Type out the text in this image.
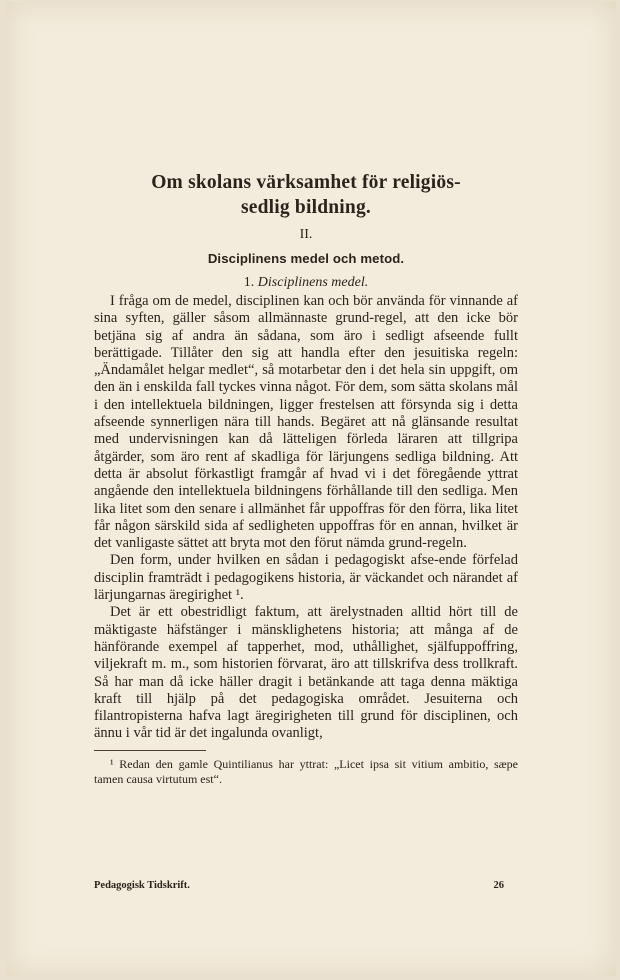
Om skolans värksamhet för religiös-
sedlig bildning.
II.
Disciplinens medel och metod.
1. Disciplinens medel.

I fråga om de medel, disciplinen kan och bör använda för vinnande af sina syften, gäller såsom allmännaste grund-regel, att den icke bör betjäna sig af andra än sådana, som äro i sedligt afseende fullt berättigade. Tillåter den sig att handla efter den jesuitiska regeln: „Ändamålet helgar medlet“, så motarbetar den i det hela sin uppgift, om den än i enskilda fall tyckes vinna något. För dem, som sätta skolans mål i den intellektuela bildningen, ligger frestelsen att försynda sig i detta afseende synnerligen nära till hands. Begäret att nå glänsande resultat med undervisningen kan då lätteligen förleda läraren att tillgripa åtgärder, som äro rent af skadliga för lärjungens sedliga bildning. Att detta är absolut förkastligt framgår af hvad vi i det föregående yttrat angående den intellektuela bildningens förhållande till den sedliga. Men lika litet som den senare i allmänhet får uppoffras för den förra, lika litet får någon särskild sida af sedligheten uppoffras för en annan, hvilket är det vanligaste sättet att bryta mot den förut nämda grund-regeln.

Den form, under hvilken en sådan i pedagogiskt afse-ende förfelad disciplin framträdt i pedagogikens historia, är väckandet och närandet af lärjungarnas äregirighet ¹.

Det är ett obestridligt faktum, att ärelystnaden alltid hört till de mäktigaste häfstänger i mänsklighetens historia; att många af de hänförande exempel af tapperhet, mod, uthållighet, själfuppoffring, viljekraft m. m., som historien förvarat, äro att tillskrifva dess trollkraft. Så har man då icke häller dragit i betänkande att taga denna mäktiga kraft till hjälp på det pedagogiska området. Jesuiterna och filantropisterna hafva lagt äregirigheten till grund för disciplinen, och ännu i vår tid är det ingalunda ovanligt,

¹ Redan den gamle Quintilianus har yttrat: „Licet ipsa sit vitium ambitio, sæpe tamen causa virtutum est“.
Pedagogisk Tidskrift.	26
